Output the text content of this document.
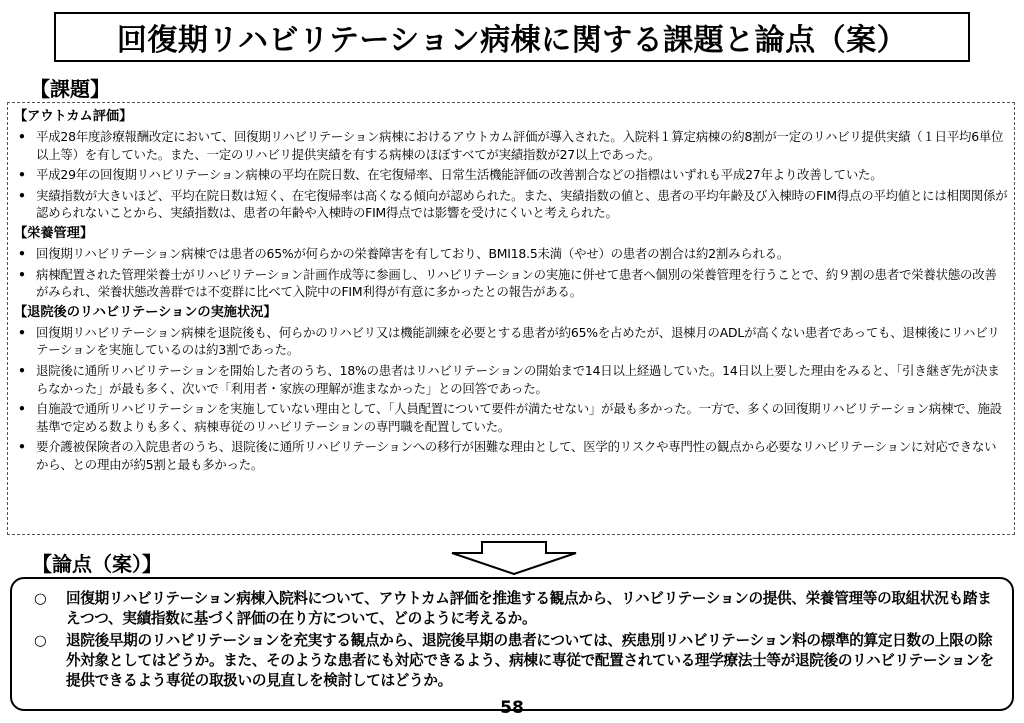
回復期リハビリテーション病棟に関する課題と論点（案）
【課題】
【アウトカム評価】
• 平成28年度診療報酬改定において、回復期リハビリテーション病棟におけるアウトカム評価が導入された。入院料１算定病棟の約8割が一定のリハビリ提供実績（１日平均6単位以上等）を有していた。また、一定のリハビリ提供実績を有する病棟のほぼすべてが実績指数が27以上であった。
• 平成29年の回復期リハビリテーション病棟の平均在院日数、在宅復帰率、日常生活機能評価の改善割合などの指標はいずれも平成27年より改善していた。
• 実績指数が大きいほど、平均在院日数は短く、在宅復帰率は高くなる傾向が認められた。また、実績指数の値と、患者の平均年齢及び入棟時のFIM得点の平均値とには相関関係が認められないことから、実績指数は、患者の年齢や入棟時のFIM得点では影響を受けにくいと考えられた。
【栄養管理】
• 回復期リハビリテーション病棟では患者の65%が何らかの栄養障害を有しており、BMI18.5未満（やせ）の患者の割合は約2割みられる。
• 病棟配置された管理栄養士がリハビリテーション計画作成等に参画し、リハビリテーションの実施に併せて患者へ個別の栄養管理を行うことで、約９割の患者で栄養状態の改善がみられ、栄養状態改善群では不変群に比べて入院中のFIM利得が有意に多かったとの報告がある。
【退院後のリハビリテーションの実施状況】
• 回復期リハビリテーション病棟を退院後も、何らかのリハビリ又は機能訓練を必要とする患者が約65%を占めたが、退棟月のADLが高くない患者であっても、退棟後にリハビリテーションを実施しているのは約3割であった。
• 退院後に通所リハビリテーションを開始した者のうち、18%の患者はリハビリテーションの開始まで14日以上経過していた。14日以上要した理由をみると、「引き継ぎ先が決まらなかった」が最も多く、次いで「利用者・家族の理解が進まなかった」との回答であった。
• 自施設で通所リハビリテーションを実施していない理由として、「人員配置について要件が満たせない」が最も多かった。一方で、多くの回復期リハビリテーション病棟で、施設基準で定める数よりも多く、病棟専従のリハビリテーションの専門職を配置していた。
• 要介護被保険者の入院患者のうち、退院後に通所リハビリテーションへの移行が困難な理由として、医学的リスクや専門性の観点から必要なリハビリテーションに対応できないから、との理由が約5割と最も多かった。
【論点（案）】
○ 回復期リハビリテーション病棟入院料について、アウトカム評価を推進する観点から、リハビリテーションの提供、栄養管理等の取組状況も踏まえつつ、実績指数に基づく評価の在り方について、どのように考えるか。
○ 退院後早期のリハビリテーションを充実する観点から、退院後早期の患者については、疾患別リハビリテーション料の標準的算定日数の上限の除外対象としてはどうか。また、そのような患者にも対応できるよう、病棟に専従で配置されている理学療法士等が退院後のリハビリテーションを提供できるよう専従の取扱いの見直しを検討してはどうか。
58
